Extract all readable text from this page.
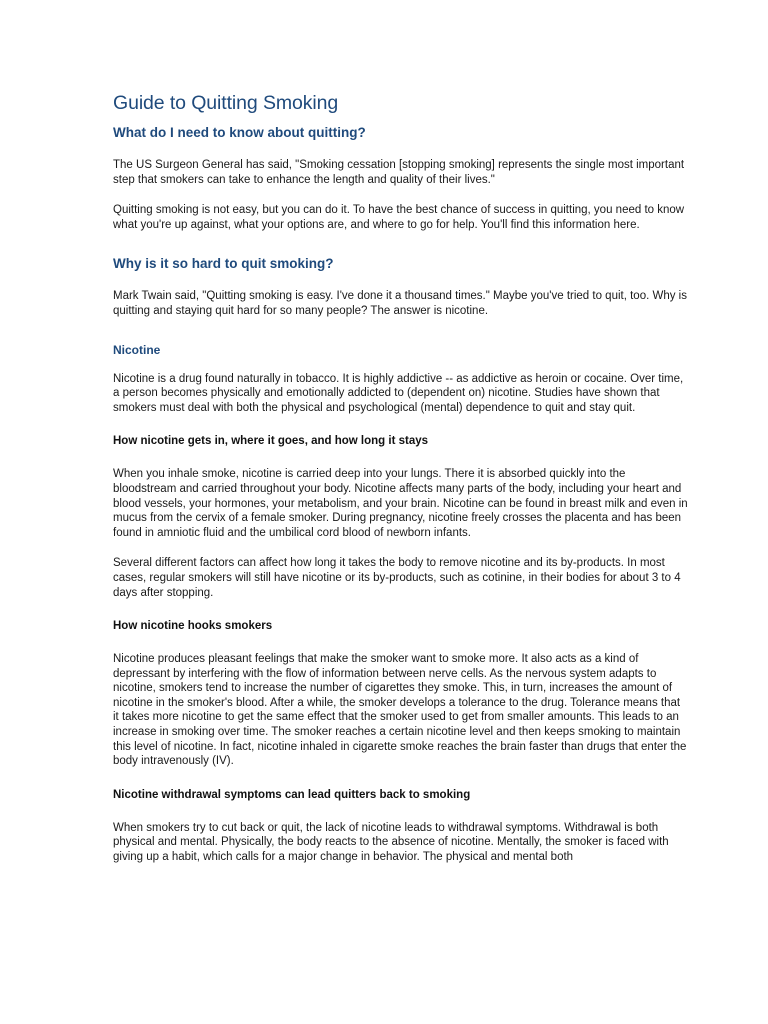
Guide to Quitting Smoking
What do I need to know about quitting?

The US Surgeon General has said, "Smoking cessation [stopping smoking] represents the single most important step that smokers can take to enhance the length and quality of their lives."

Quitting smoking is not easy, but you can do it. To have the best chance of success in quitting, you need to know what you're up against, what your options are, and where to go for help. You'll find this information here.

Why is it so hard to quit smoking?

Mark Twain said, "Quitting smoking is easy. I've done it a thousand times." Maybe you've tried to quit, too. Why is quitting and staying quit hard for so many people? The answer is nicotine.

Nicotine

Nicotine is a drug found naturally in tobacco. It is highly addictive -- as addictive as heroin or cocaine. Over time, a person becomes physically and emotionally addicted to (dependent on) nicotine. Studies have shown that smokers must deal with both the physical and psychological (mental) dependence to quit and stay quit.

How nicotine gets in, where it goes, and how long it stays

When you inhale smoke, nicotine is carried deep into your lungs. There it is absorbed quickly into the bloodstream and carried throughout your body. Nicotine affects many parts of the body, including your heart and blood vessels, your hormones, your metabolism, and your brain. Nicotine can be found in breast milk and even in mucus from the cervix of a female smoker. During pregnancy, nicotine freely crosses the placenta and has been found in amniotic fluid and the umbilical cord blood of newborn infants.

Several different factors can affect how long it takes the body to remove nicotine and its by-products. In most cases, regular smokers will still have nicotine or its by-products, such as cotinine, in their bodies for about 3 to 4 days after stopping.

How nicotine hooks smokers

Nicotine produces pleasant feelings that make the smoker want to smoke more. It also acts as a kind of depressant by interfering with the flow of information between nerve cells. As the nervous system adapts to nicotine, smokers tend to increase the number of cigarettes they smoke. This, in turn, increases the amount of nicotine in the smoker's blood. After a while, the smoker develops a tolerance to the drug. Tolerance means that it takes more nicotine to get the same effect that the smoker used to get from smaller amounts. This leads to an increase in smoking over time. The smoker reaches a certain nicotine level and then keeps smoking to maintain this level of nicotine. In fact, nicotine inhaled in cigarette smoke reaches the brain faster than drugs that enter the body intravenously (IV).

Nicotine withdrawal symptoms can lead quitters back to smoking

When smokers try to cut back or quit, the lack of nicotine leads to withdrawal symptoms. Withdrawal is both physical and mental. Physically, the body reacts to the absence of nicotine. Mentally, the smoker is faced with giving up a habit, which calls for a major change in behavior. The physical and mental both
